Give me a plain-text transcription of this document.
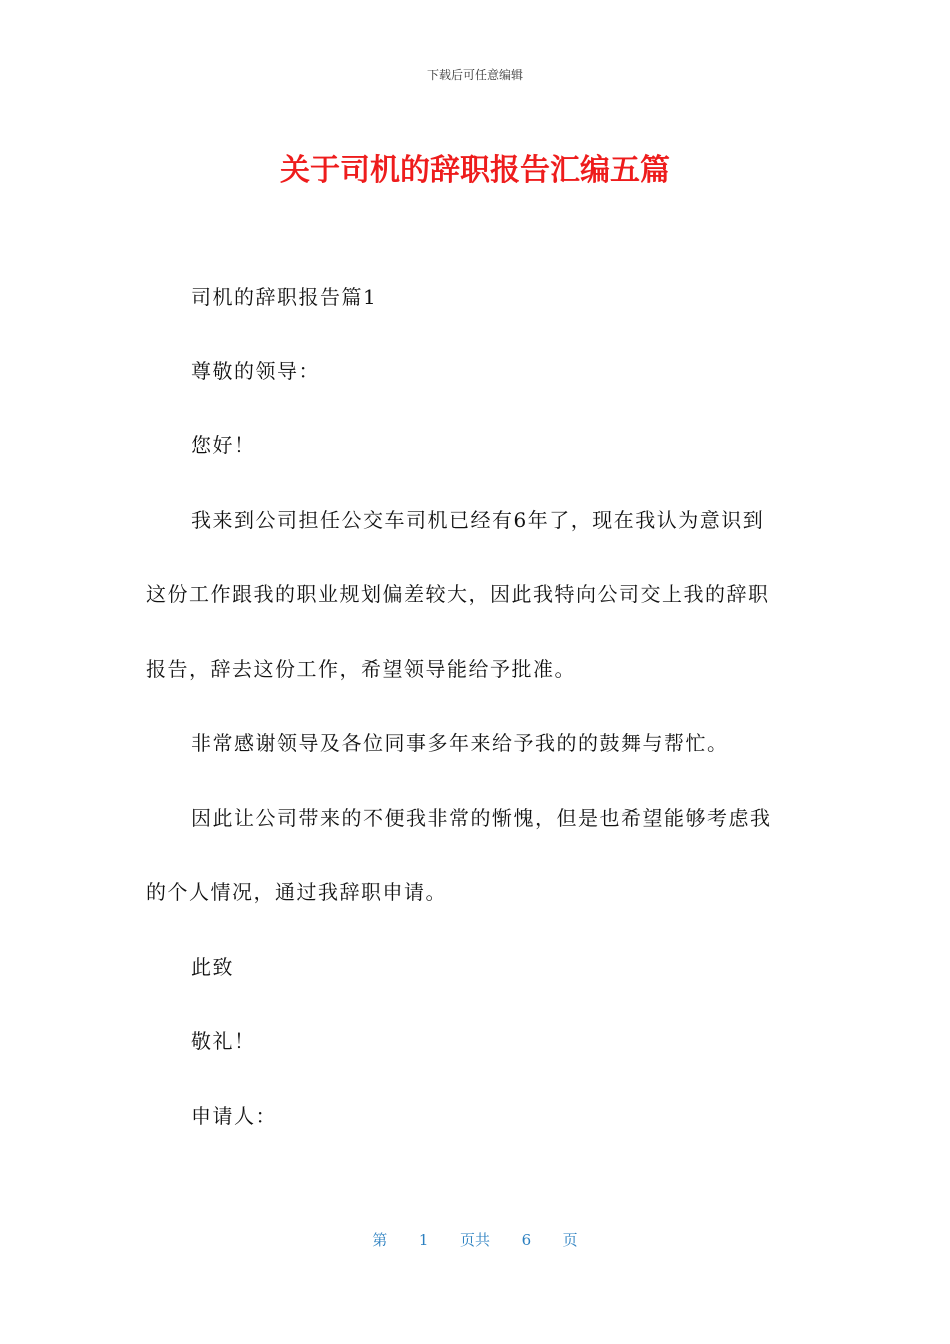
下载后可任意编辑
关于司机的辞职报告汇编五篇
司机的辞职报告篇1
尊敬的领导：
您好！
我来到公司担任公交车司机已经有6年了，现在我认为意识到
这份工作跟我的职业规划偏差较大，因此我特向公司交上我的辞职
报告，辞去这份工作，希望领导能给予批准。
非常感谢领导及各位同事多年来给予我的的鼓舞与帮忙。
因此让公司带来的不便我非常的惭愧，但是也希望能够考虑我
的个人情况，通过我辞职申请。
此致
敬礼！
申请人：
第 1 页共 6 页
